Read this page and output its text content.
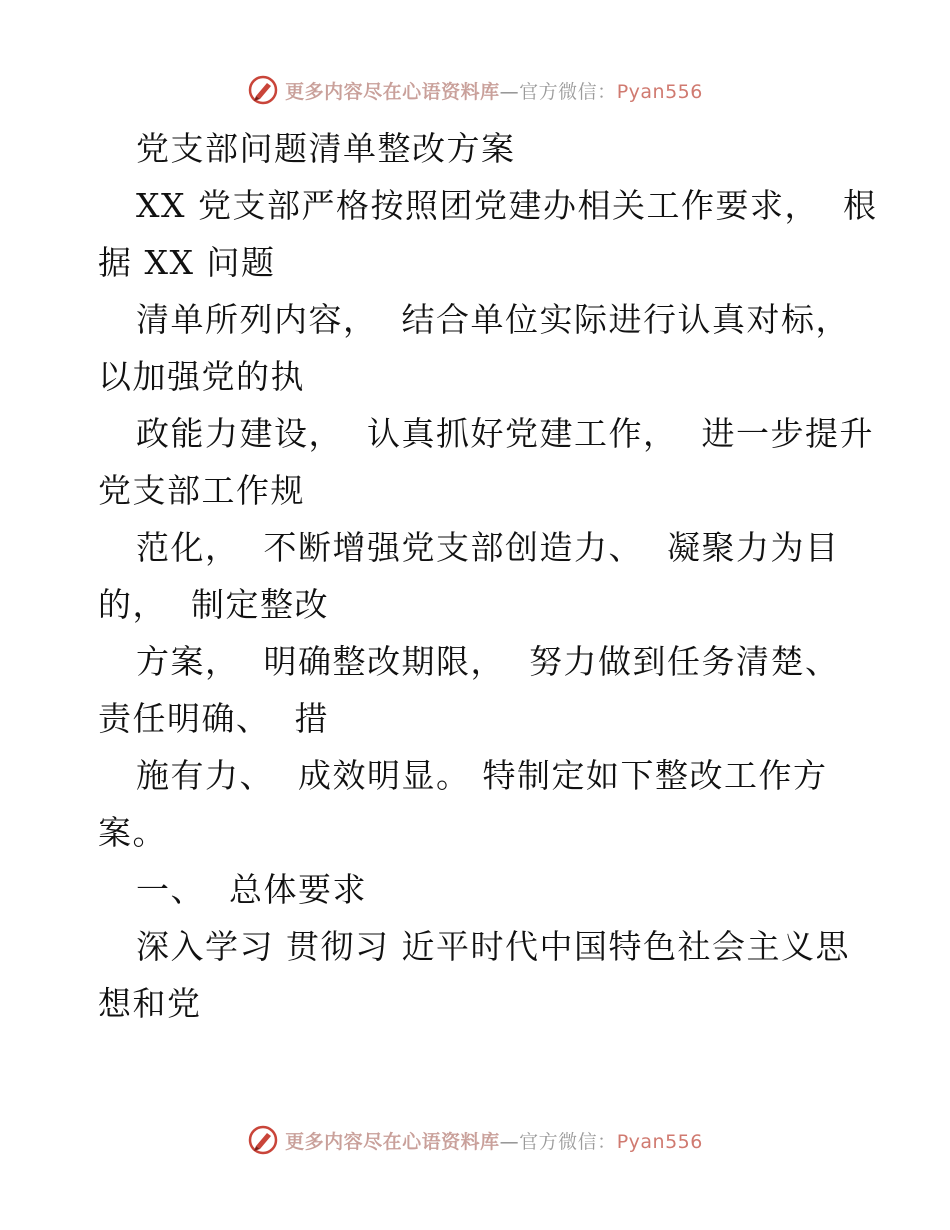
更多内容尽在心语资料库—官方微信：Pyan556
党支部问题清单整改方案
XX 党支部严格按照团党建办相关工作要求，  根
据 XX 问题
清单所列内容，  结合单位实际进行认真对标，
以加强党的执
政能力建设，  认真抓好党建工作，  进一步提升
党支部工作规
范化，  不断增强党支部创造力、  凝聚力为目
的，  制定整改
方案，  明确整改期限，  努力做到任务清楚、
责任明确、  措
施有力、  成效明显。 特制定如下整改工作方
案。
一、  总体要求
深入学习 贯彻习 近平时代中国特色社会主义思
想和党
更多内容尽在心语资料库—官方微信：Pyan556
